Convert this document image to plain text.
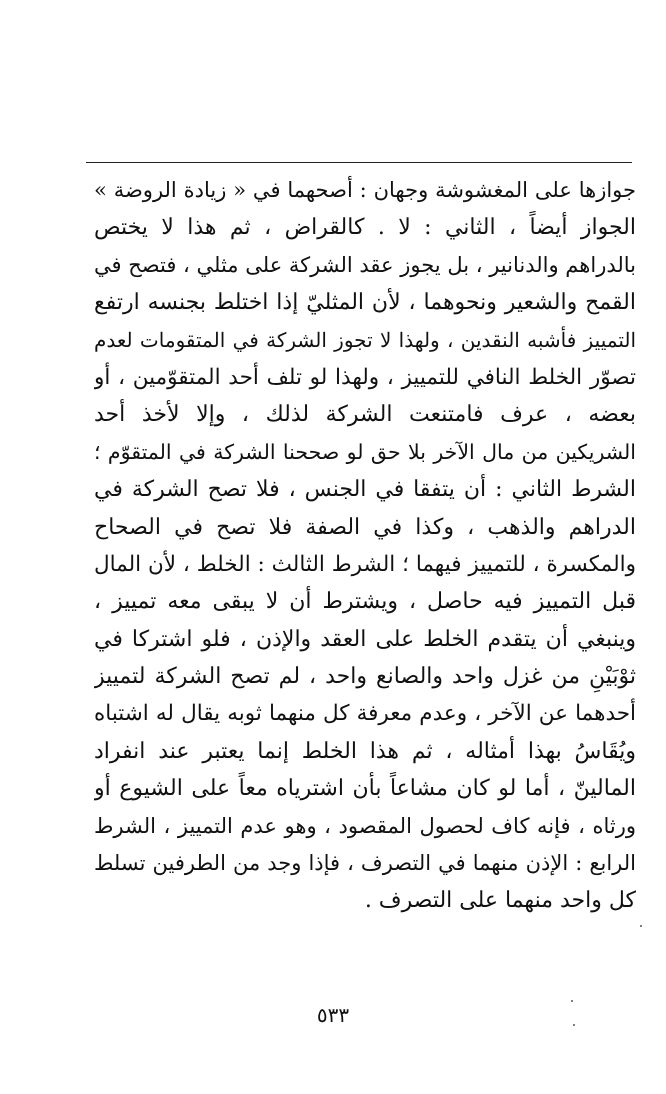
جوازها على المغشوشة وجهان : أصحهما في « زيادة الروضة »
الجواز أيضاً ، الثاني : لا . كالقراض ، ثم هذا لا يختص
بالدراهم والدنانير ، بل يجوز عقد الشركة على مثلي ، فتصح في
القمح والشعير ونحوهما ، لأن المثليّ إذا اختلط بجنسه ارتفع
التمييز فأشبه النقدين ، ولهذا لا تجوز الشركة في المتقومات لعدم
تصوّر الخلط النافي للتمييز ، ولهذا لو تلف أحد المتقوّمين ، أو
بعضه ، عرف فامتنعت الشركة لذلك ، وإلا لأخذ أحد
الشريكين من مال الآخر بلا حق لو صححنا الشركة في المتقوّم ؛
الشرط الثاني : أن يتفقا في الجنس ، فلا تصح الشركة في
الدراهم والذهب ، وكذا في الصفة فلا تصح في الصحاح
والمكسرة ، للتمييز فيهما ؛ الشرط الثالث : الخلط ، لأن المال
قبل التمييز فيه حاصل ، ويشترط أن لا يبقى معه تمييز ،
وينبغي أن يتقدم الخلط على العقد والإذن ، فلو اشتركا في
ثوْبَيْنِ من غزل واحد والصانع واحد ، لم تصح الشركة لتمييز
أحدهما عن الآخر ، وعدم معرفة كل منهما ثوبه يقال له اشتباه
ويُقَاسُ بهذا أمثاله ، ثم هذا الخلط إنما يعتبر عند انفراد
المالينّ ، أما لو كان مشاعاً بأن اشترياه معاً على الشيوع أو
ورثاه ، فإنه كاف لحصول المقصود ، وهو عدم التمييز ، الشرط
الرابع : الإذن منهما في التصرف ، فإذا وجد من الطرفين تسلط
كل واحد منهما على التصرف .
٥٣٣
